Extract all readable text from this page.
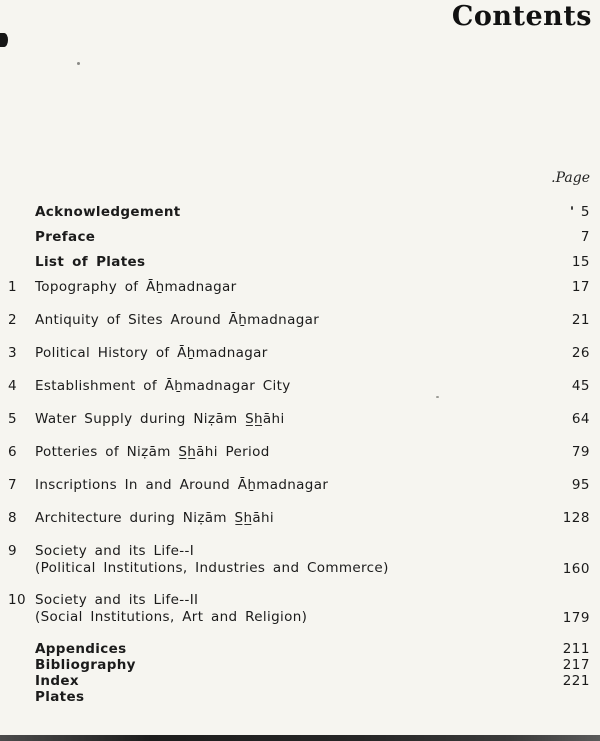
Contents
.Page
Acknowledgement	5
Preface	7
List of Plates	15
1	Topography of Āẖmadnagar	17
2	Antiquity of Sites Around Āẖmadnagar	21
3	Political History of Āẖmadnagar	26
4	Establishment of Āẖmadnagar City	45
5	Water Supply during Niẓām S̲h̲āhi	64
6	Potteries of Niẓām S̲h̲āhi Period	79
7	Inscriptions In and Around Āẖmadnagar	95
8	Architecture during Niẓām S̲h̲āhi	128
9	Society and its Life--I
(Political Institutions, Industries and Commerce)	160
10 Society and its Life--II
(Social Institutions, Art and Religion)	179
Appendices	211
Bibliography	217
Index	221
Plates
